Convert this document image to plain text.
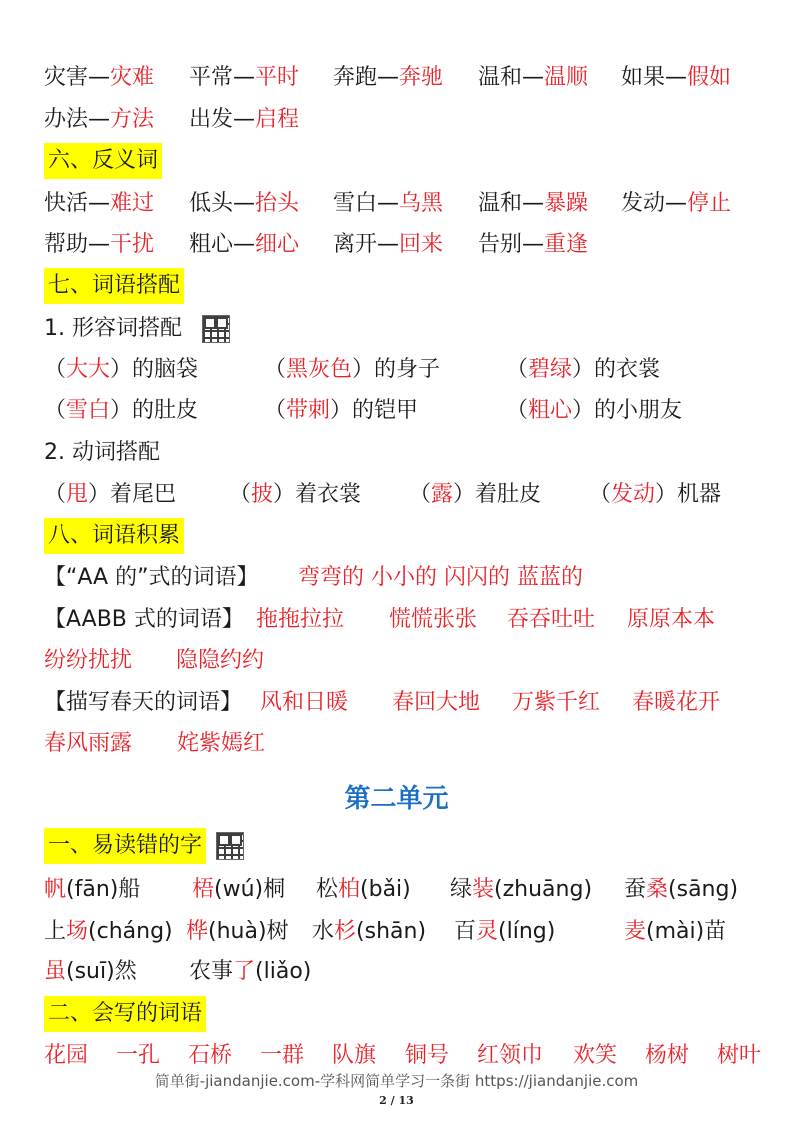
灾害—灾难 平常—平时 奔跑—奔驰 温和—温顺 如果—假如
办法—方法 出发—启程
六、反义词
快活—难过 低头—抬头 雪白—乌黑 温和—暴躁 发动—停止
帮助—干扰 粗心—细心 离开—回来 告别—重逢
七、词语搭配
1. 形容词搭配
（大大）的脑袋	（黑灰色）的身子	（碧绿）的衣裳
（雪白）的肚皮	（带刺）的铠甲	（粗心）的小朋友
2. 动词搭配
（甩）着尾巴 （披）着衣裳 （露）着肚皮 （发动）机器
八、词语积累
【“AA 的”式的词语】 弯弯的 小小的 闪闪的 蓝蓝的
【AABB 式的词语】 拖拖拉拉 慌慌张张 吞吞吐吐 原原本本
纷纷扰扰 隐隐约约
【描写春天的词语】 风和日暖 春回大地 万紫千红 春暖花开
春风雨露 姹紫嫣红
第二单元
一、易读错的字
帆(fān)船 梧(wú)桐 松柏(bǎi) 绿装(zhuāng) 蚕桑(sāng)
上场(cháng) 桦(huà)树 水杉(shān) 百灵(líng)	麦(mài)苗
虽(suī)然 农事了(liǎo)
二、会写的词语
花园 一孔 石桥 一群 队旗 铜号 红领巾 欢笑 杨树 树叶
简单街-jiandanjie.com-学科网简单学习一条街 https://jiandanjie.com
2 / 13
